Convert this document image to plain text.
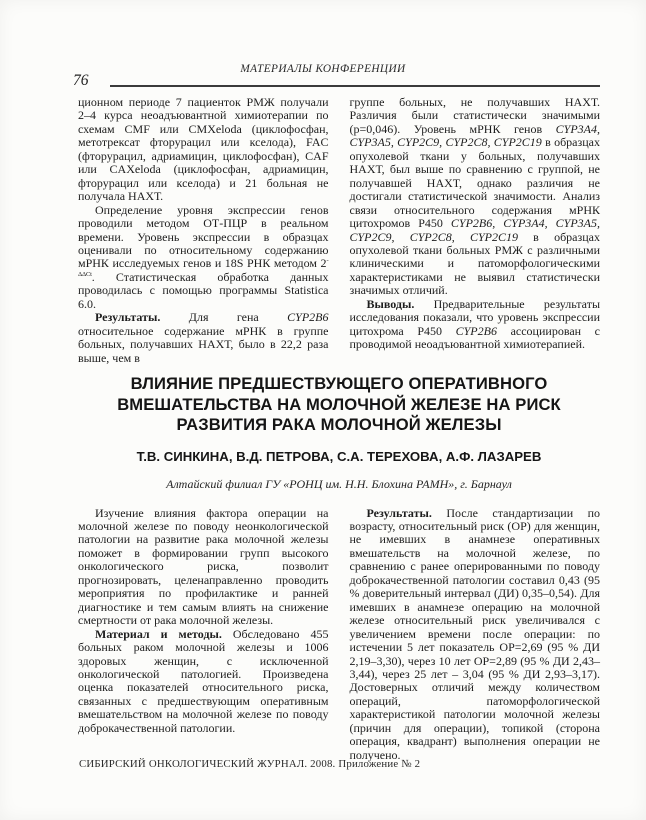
МАТЕРИАЛЫ КОНФЕРЕНЦИИ
76

ционном периоде 7 пациенток РМЖ получали 2–4 курса неоадъювантной химиотерапии по схемам CMF или CMXeloda (циклофосфан, метотрексат фторурацил или кселода), FAC (фторурацил, адриамицин, циклофосфан), CAF или CAXeloda (циклофосфан, адриамицин, фторурацил или кселода) и 21 больная не получала НАХТ.

Определение уровня экспрессии генов проводили методом ОТ-ПЦР в реальном времени. Уровень экспрессии в образцах оценивали по относительному содержанию мРНК исследуемых генов и 18S РНК методом $2^{-\Delta\Delta Ct}$. Статистическая обработка данных проводилась с помощью программы Statistica 6.0.

Результаты. Для гена CYP2B6 относительное содержание мРНК в группе больных, получавших НАХТ, было в 22,2 раза выше, чем в

группе больных, не получавших НАХТ. Различия были статистически значимыми (р=0,046). Уровень мРНК генов CYP3A4, CYP3A5, CYP2C9, CYP2C8, CYP2C19 в образцах опухолевой ткани у больных, получавших НАХТ, был выше по сравнению с группой, не получавшей НАХТ, однако различия не достигали статистической значимости. Анализ связи относительного содержания мРНК цитохромов Р450 CYP2B6, CYP3A4, CYP3A5, CYP2C9, CYP2C8, CYP2C19 в образцах опухолевой ткани больных РМЖ с различными клиническими и патоморфологическими характеристиками не выявил статистически значимых отличий.

Выводы. Предварительные результаты исследования показали, что уровень экспрессии цитохрома Р450 CYP2B6 ассоциирован с проводимой неоадъювантной химиотерапией.

ВЛИЯНИЕ ПРЕДШЕСТВУЮЩЕГО ОПЕРАТИВНОГО ВМЕШАТЕЛЬСТВА НА МОЛОЧНОЙ ЖЕЛЕЗЕ НА РИСК РАЗВИТИЯ РАКА МОЛОЧНОЙ ЖЕЛЕЗЫ
Т.В. СИНКИНА, В.Д. ПЕТРОВА, С.А. ТЕРЕХОВА, А.Ф. ЛАЗАРЕВ
Алтайский филиал ГУ «РОНЦ им. Н.Н. Блохина РАМН», г. Барнаул

Изучение влияния фактора операции на молочной железе по поводу неонкологической патологии на развитие рака молочной железы поможет в формировании групп высокого онкологического риска, позволит прогнозировать, целенаправленно проводить мероприятия по профилактике и ранней диагностике и тем самым влиять на снижение смертности от рака молочной железы.

Материал и методы. Обследовано 455 больных раком молочной железы и 1006 здоровых женщин, с исключенной онкологической патологией. Произведена оценка показателей относительного риска, связанных с предшествующим оперативным вмешательством на молочной железе по поводу доброкачественной патологии.

Результаты. После стандартизации по возрасту, относительный риск (ОР) для женщин, не имевших в анамнезе оперативных вмешательств на молочной железе, по сравнению с ранее оперированными по поводу доброкачественной патологии составил 0,43 (95 % доверительный интервал (ДИ) 0,35–0,54). Для имевших в анамнезе операцию на молочной железе относительный риск увеличивался с увеличением времени после операции: по истечении 5 лет показатель ОР=2,69 (95 % ДИ 2,19–3,30), через 10 лет ОР=2,89 (95 % ДИ 2,43–3,44), через 25 лет – 3,04 (95 % ДИ 2,93–3,17). Достоверных отличий между количеством операций, патоморфологической характеристикой патологии молочной железы (причин для операции), топикой (сторона операция, квадрант) выполнения операции не получено.

СИБИРСКИЙ ОНКОЛОГИЧЕСКИЙ ЖУРНАЛ. 2008. Приложение № 2
